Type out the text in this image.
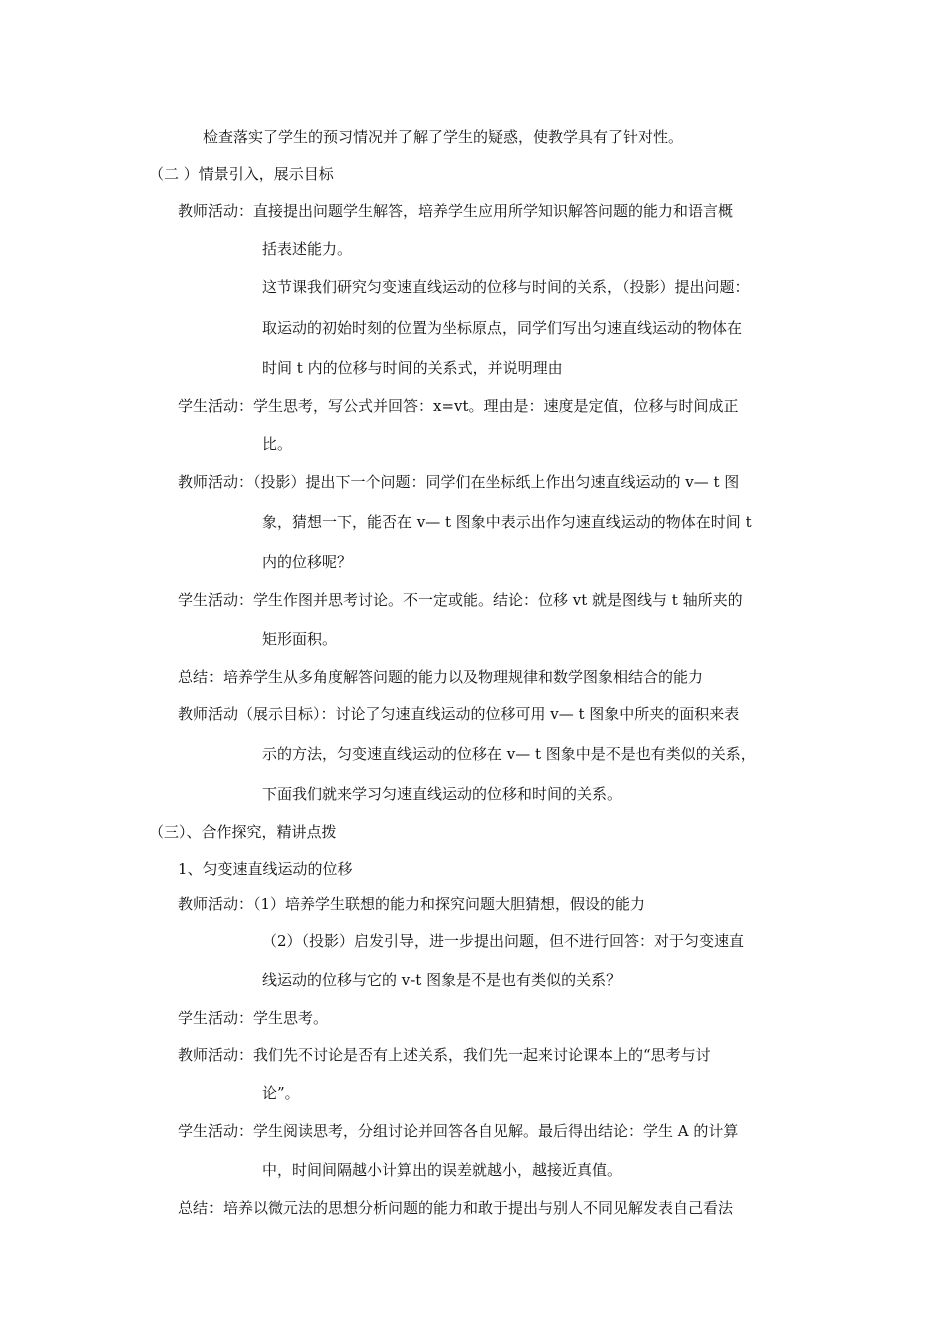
检查落实了学生的预习情况并了解了学生的疑惑，使教学具有了针对性。
（二 ）情景引入，展示目标
教师活动：直接提出问题学生解答，培养学生应用所学知识解答问题的能力和语言概
括表述能力。
这节课我们研究匀变速直线运动的位移与时间的关系，（投影）提出问题：
取运动的初始时刻的位置为坐标原点，同学们写出匀速直线运动的物体在
时间 t 内的位移与时间的关系式，并说明理由
学生活动：学生思考，写公式并回答：x=vt。理由是：速度是定值，位移与时间成正
比。
教师活动：（投影）提出下一个问题：同学们在坐标纸上作出匀速直线运动的 v— t 图
象，猜想一下，能否在 v— t 图象中表示出作匀速直线运动的物体在时间 t
内的位移呢？
学生活动：学生作图并思考讨论。不一定或能。结论：位移 vt 就是图线与 t 轴所夹的
矩形面积。
总结：培养学生从多角度解答问题的能力以及物理规律和数学图象相结合的能力
教师活动（展示目标）：讨论了匀速直线运动的位移可用 v— t 图象中所夹的面积来表
示的方法，匀变速直线运动的位移在 v— t 图象中是不是也有类似的关系，
下面我们就来学习匀速直线运动的位移和时间的关系。
（三）、合作探究，精讲点拨
1、匀变速直线运动的位移
教师活动：（1）培养学生联想的能力和探究问题大胆猜想，假设的能力
（2）（投影）启发引导，进一步提出问题，但不进行回答：对于匀变速直
线运动的位移与它的 v-t 图象是不是也有类似的关系？
学生活动：学生思考。
教师活动：我们先不讨论是否有上述关系，我们先一起来讨论课本上的“思考与讨
论”。
学生活动：学生阅读思考，分组讨论并回答各自见解。最后得出结论：学生 A 的计算
中，时间间隔越小计算出的误差就越小，越接近真值。
总结：培养以微元法的思想分析问题的能力和敢于提出与别人不同见解发表自己看法
